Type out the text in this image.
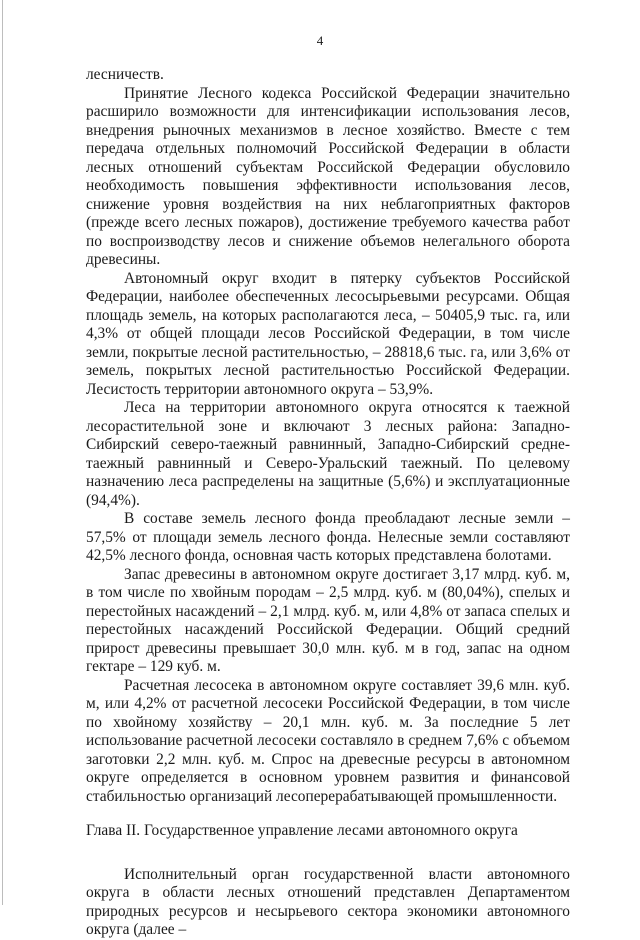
4

лесничеств.

Принятие Лесного кодекса Российской Федерации значительно расширило возможности для интенсификации использования лесов, внедрения рыночных механизмов в лесное хозяйство. Вместе с тем передача отдельных полномочий Российской Федерации в области лесных отношений субъектам Российской Федерации обусловило необходимость повышения эффективности использования лесов, снижение уровня воздействия на них неблагоприятных факторов (прежде всего лесных пожаров), достижение требуемого качества работ по воспроизводству лесов и снижение объемов нелегального оборота древесины.

Автономный округ входит в пятерку субъектов Российской Федерации, наиболее обеспеченных лесосырьевыми ресурсами. Общая площадь земель, на которых располагаются леса, – 50405,9 тыс. га, или 4,3% от общей площади лесов Российской Федерации, в том числе земли, покрытые лесной растительностью, – 28818,6 тыс. га, или 3,6% от земель, покрытых лесной растительностью Российской Федерации. Лесистость территории автономного округа – 53,9%.

Леса на территории автономного округа относятся к таежной лесорастительной зоне и включают 3 лесных района: Западно-Сибирский северо-таежный равнинный, Западно-Сибирский средне-таежный равнинный и Северо-Уральский таежный. По целевому назначению леса распределены на защитные (5,6%) и эксплуатационные (94,4%).

В составе земель лесного фонда преобладают лесные земли – 57,5% от площади земель лесного фонда. Нелесные земли составляют 42,5% лесного фонда, основная часть которых представлена болотами.

Запас древесины в автономном округе достигает 3,17 млрд. куб. м, в том числе по хвойным породам – 2,5 млрд. куб. м (80,04%), спелых и перестойных насаждений – 2,1 млрд. куб. м, или 4,8% от запаса спелых и перестойных насаждений Российской Федерации. Общий средний прирост древесины превышает 30,0 млн. куб. м в год, запас на одном гектаре – 129 куб. м.

Расчетная лесосека в автономном округе составляет 39,6 млн. куб. м, или 4,2% от расчетной лесосеки Российской Федерации, в том числе по хвойному хозяйству – 20,1 млн. куб. м. За последние 5 лет использование расчетной лесосеки составляло в среднем 7,6% с объемом заготовки 2,2 млн. куб. м. Спрос на древесные ресурсы в автономном округе определяется в основном уровнем развития и финансовой стабильностью организаций лесоперерабатывающей промышленности.

Глава II. Государственное управление лесами автономного округа

Исполнительный орган государственной власти автономного округа в области лесных отношений представлен Департаментом природных ресурсов и несырьевого сектора экономики автономного округа (далее –
